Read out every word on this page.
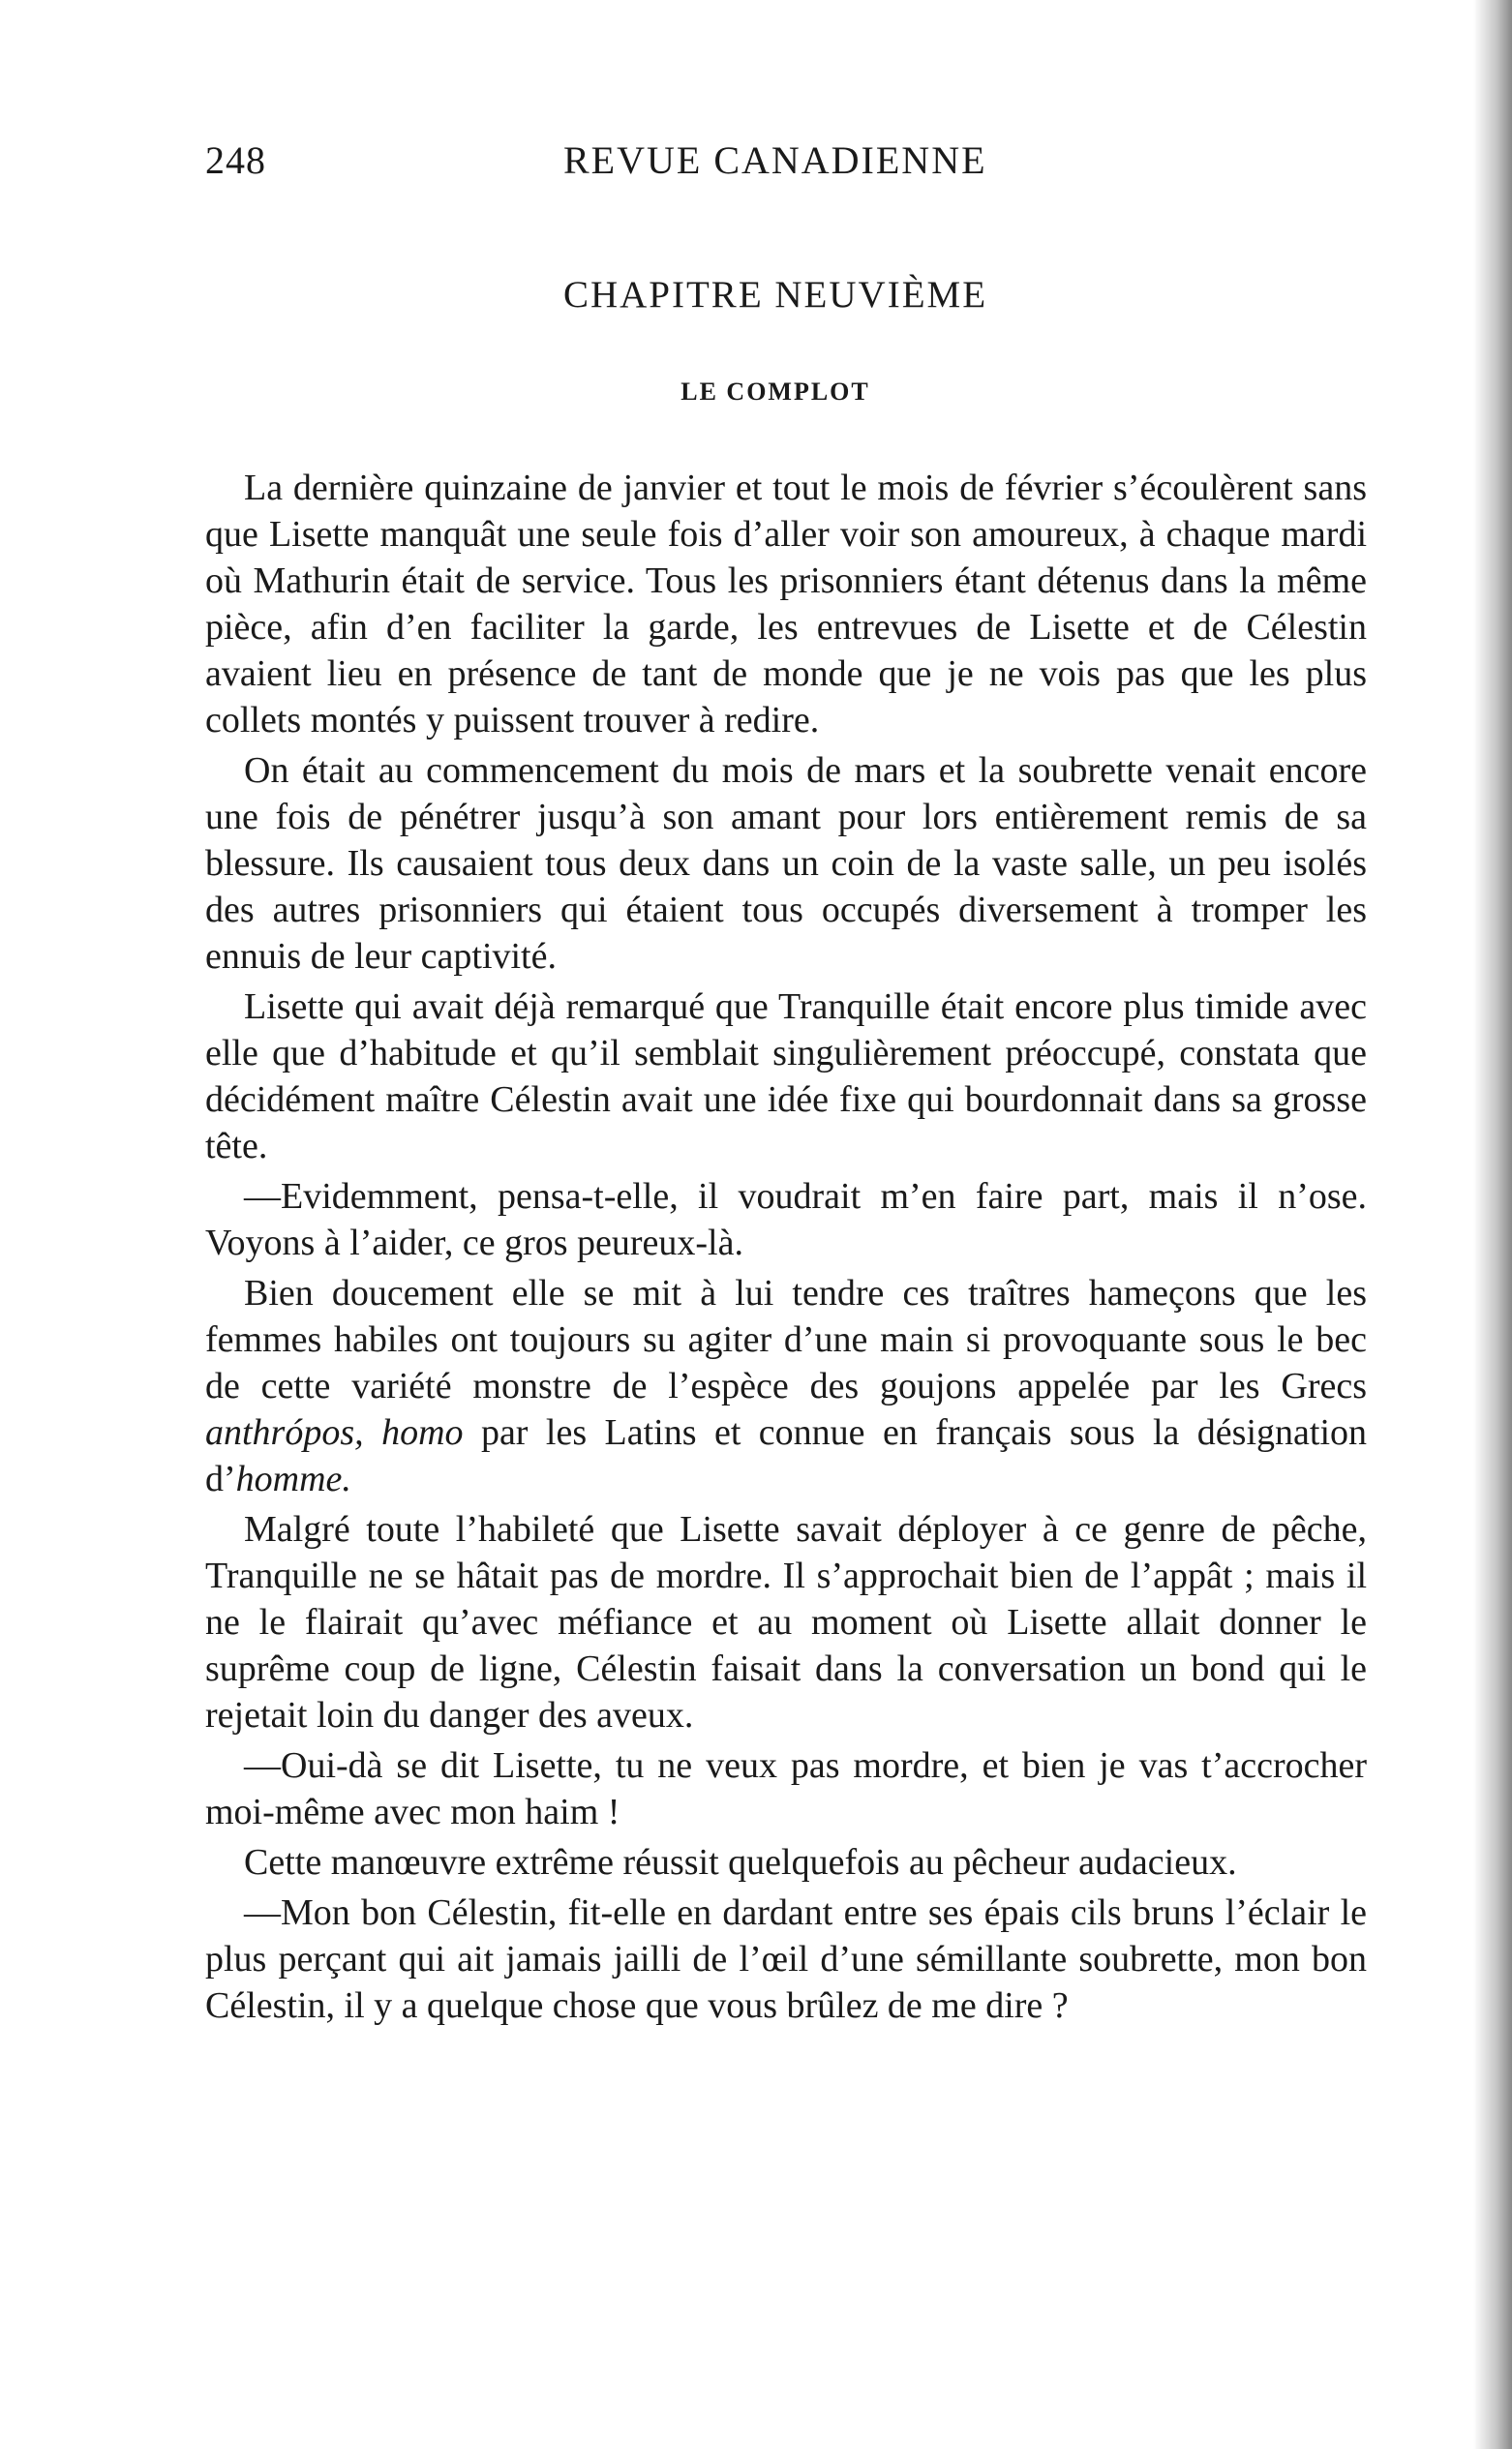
248	REVUE CANADIENNE
CHAPITRE NEUVIÈME
LE COMPLOT

La dernière quinzaine de janvier et tout le mois de février s’écoulèrent sans que Lisette manquât une seule fois d’aller voir son amoureux, à chaque mardi où Mathurin était de service. Tous les prisonniers étant détenus dans la même pièce, afin d’en faciliter la garde, les entrevues de Lisette et de Célestin avaient lieu en présence de tant de monde que je ne vois pas que les plus collets montés y puissent trouver à redire.

On était au commencement du mois de mars et la soubrette venait encore une fois de pénétrer jusqu’à son amant pour lors entièrement remis de sa blessure. Ils causaient tous deux dans un coin de la vaste salle, un peu isolés des autres prisonniers qui étaient tous occupés diversement à tromper les ennuis de leur captivité.

Lisette qui avait déjà remarqué que Tranquille était encore plus timide avec elle que d’habitude et qu’il semblait singulièrement préoccupé, constata que décidément maître Célestin avait une idée fixe qui bourdonnait dans sa grosse tête.

—Evidemment, pensa-t-elle, il voudrait m’en faire part, mais il n’ose. Voyons à l’aider, ce gros peureux-là.

Bien doucement elle se mit à lui tendre ces traîtres hameçons que les femmes habiles ont toujours su agiter d’une main si provoquante sous le bec de cette variété monstre de l’espèce des goujons appelée par les Grecs anthrópos, homo par les Latins et connue en français sous la désignation d’homme.

Malgré toute l’habileté que Lisette savait déployer à ce genre de pêche, Tranquille ne se hâtait pas de mordre. Il s’approchait bien de l’appât ; mais il ne le flairait qu’avec méfiance et au moment où Lisette allait donner le suprême coup de ligne, Célestin faisait dans la conversation un bond qui le rejetait loin du danger des aveux.

—Oui-dà se dit Lisette, tu ne veux pas mordre, et bien je vas t’accrocher moi-même avec mon haim !

Cette manœuvre extrême réussit quelquefois au pêcheur audacieux.

—Mon bon Célestin, fit-elle en dardant entre ses épais cils bruns l’éclair le plus perçant qui ait jamais jailli de l’œil d’une sémillante soubrette, mon bon Célestin, il y a quelque chose que vous brûlez de me dire ?
